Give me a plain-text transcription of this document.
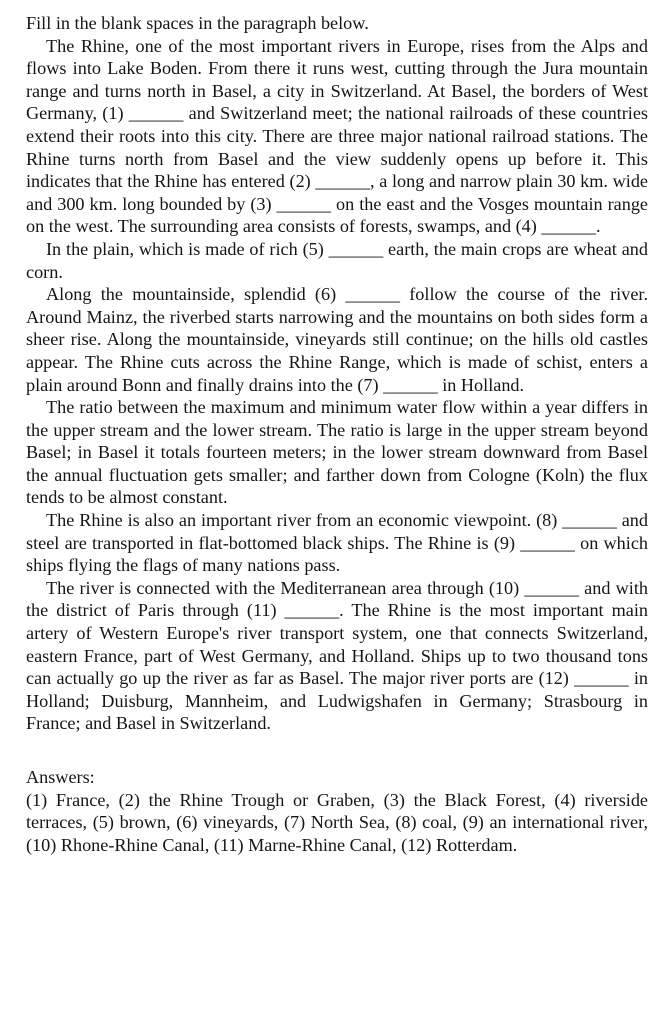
Fill in the blank spaces in the paragraph below.

The Rhine, one of the most important rivers in Europe, rises from the Alps and flows into Lake Boden. From there it runs west, cutting through the Jura mountain range and turns north in Basel, a city in Switzerland. At Basel, the borders of West Germany, (1) ______ and Switzerland meet; the national railroads of these countries extend their roots into this city. There are three major national railroad stations. The Rhine turns north from Basel and the view suddenly opens up before it. This indicates that the Rhine has entered (2) ______, a long and narrow plain 30 km. wide and 300 km. long bounded by (3) ______ on the east and the Vosges mountain range on the west. The surrounding area consists of forests, swamps, and (4) ______.

In the plain, which is made of rich (5) ______ earth, the main crops are wheat and corn.

Along the mountainside, splendid (6) ______ follow the course of the river. Around Mainz, the riverbed starts narrowing and the mountains on both sides form a sheer rise. Along the mountainside, vineyards still continue; on the hills old castles appear. The Rhine cuts across the Rhine Range, which is made of schist, enters a plain around Bonn and finally drains into the (7) ______ in Holland.

The ratio between the maximum and minimum water flow within a year differs in the upper stream and the lower stream. The ratio is large in the upper stream beyond Basel; in Basel it totals fourteen meters; in the lower stream downward from Basel the annual fluctuation gets smaller; and farther down from Cologne (Koln) the flux tends to be almost constant.

The Rhine is also an important river from an economic viewpoint. (8) ______ and steel are transported in flat-bottomed black ships. The Rhine is (9) ______ on which ships flying the flags of many nations pass.

The river is connected with the Mediterranean area through (10) ______ and with the district of Paris through (11) ______. The Rhine is the most important main artery of Western Europe's river transport system, one that connects Switzerland, eastern France, part of West Germany, and Holland. Ships up to two thousand tons can actually go up the river as far as Basel. The major river ports are (12) ______ in Holland; Duisburg, Mannheim, and Ludwigshafen in Germany; Strasbourg in France; and Basel in Switzerland.

Answers:

(1) France, (2) the Rhine Trough or Graben, (3) the Black Forest, (4) riverside terraces, (5) brown, (6) vineyards, (7) North Sea, (8) coal, (9) an international river, (10) Rhone-Rhine Canal, (11) Marne-Rhine Canal, (12) Rotterdam.
